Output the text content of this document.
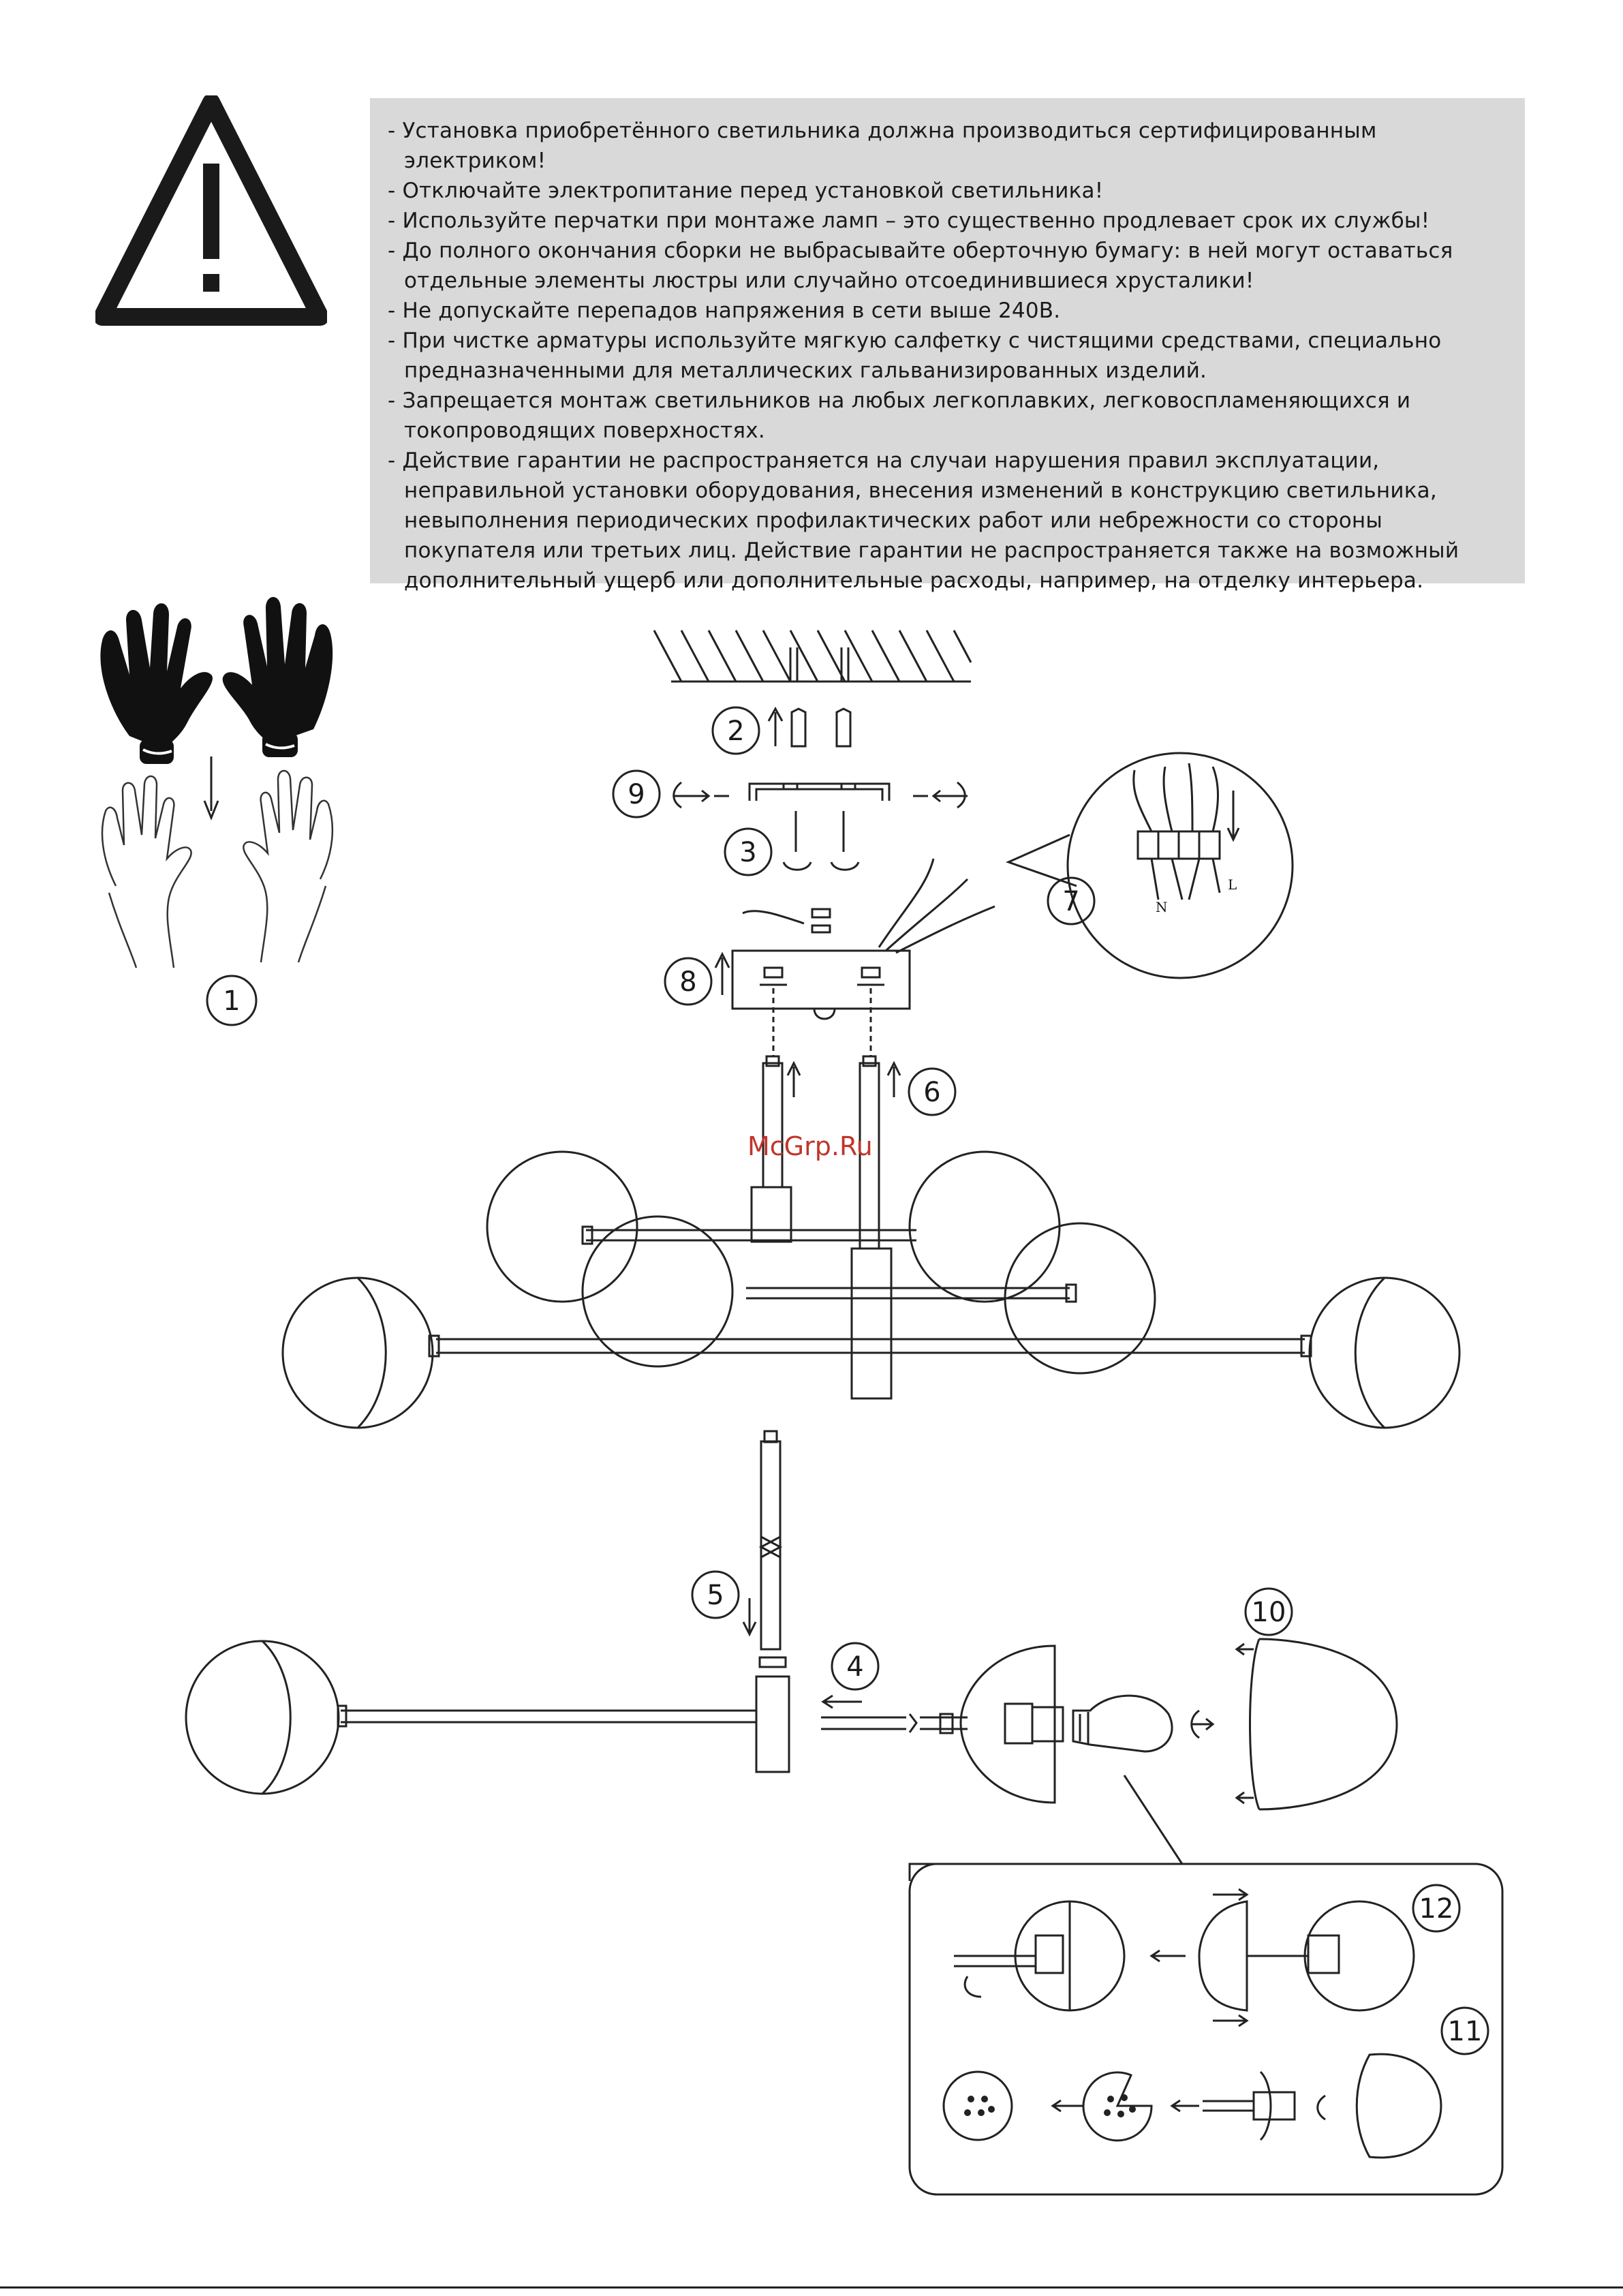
- Установка приобретённого светильника должна производиться сертифицированным электриком!
- Отключайте электропитание перед установкой светильника!
- Используйте перчатки при монтаже ламп – это существенно продлевает срок их службы!
- До полного окончания сборки не выбрасывайте оберточную бумагу: в ней могут оставаться отдельные элементы люстры или случайно отсоединившиеся хрусталики!
- Не допускайте перепадов напряжения в сети выше 240В.
- При чистке арматуры используйте мягкую салфетку с чистящими средствами, специально предназначенными для металлических гальванизированных изделий.
- Запрещается монтаж светильников на любых легкоплавких, легковоспламеняющихся и токопроводящих поверхностях.
- Действие гарантии не распространяется на случаи нарушения правил эксплуатации, неправильной установки оборудования, внесения изменений в конструкцию светильника, невыполнения периодических профилактических работ или небрежности со стороны покупателя или третьих лиц. Действие гарантии не распространяется также на возможный дополнительный ущерб или дополнительные расходы, например, на отделку интерьера.
1
2
3
4
5
6
7
8
9
10
11
12
N
L
McGrp.Ru
